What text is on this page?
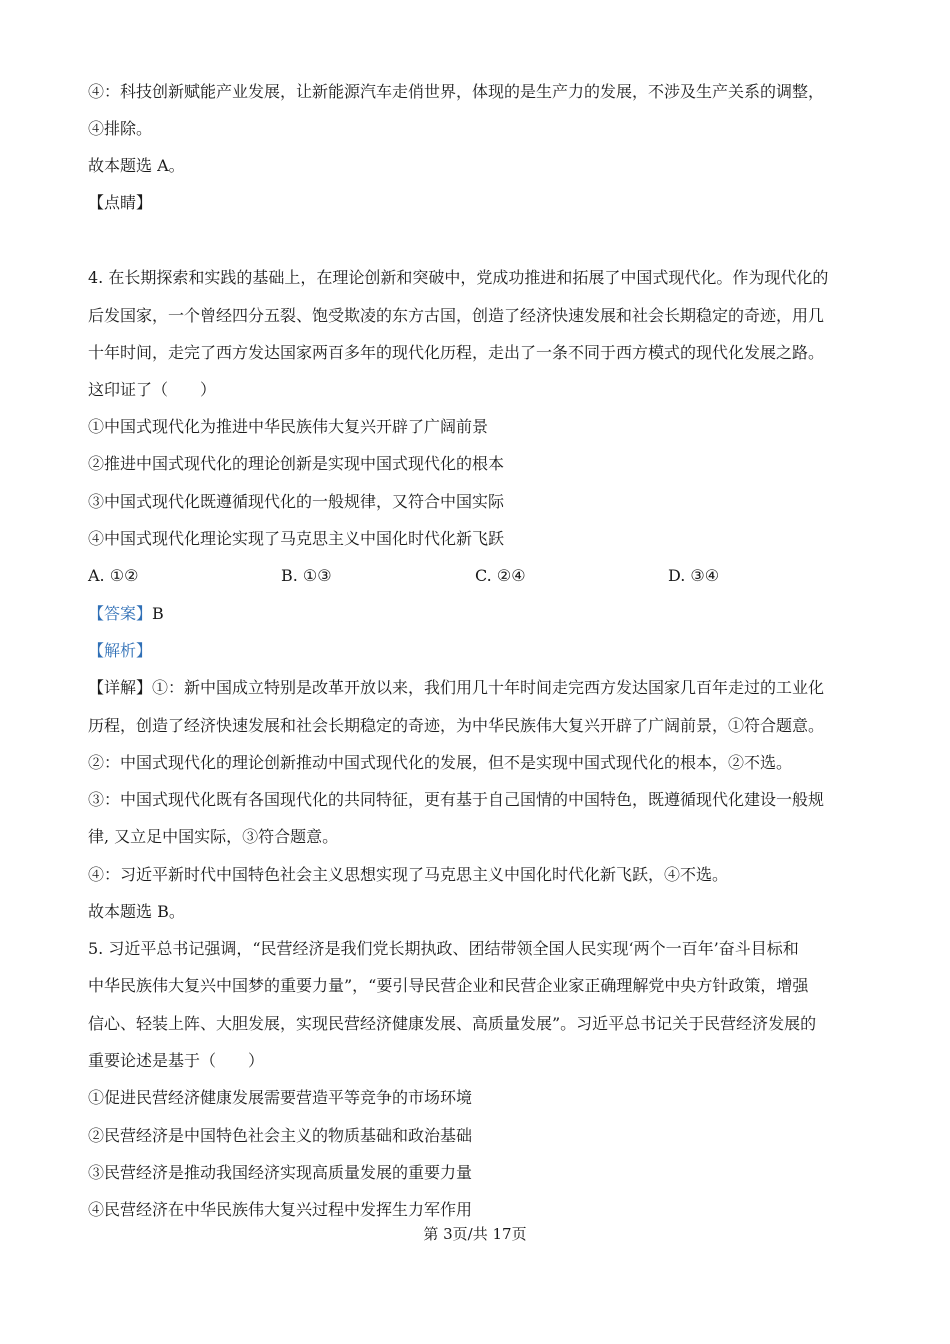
④：科技创新赋能产业发展，让新能源汽车走俏世界，体现的是生产力的发展，不涉及生产关系的调整，
④排除。
故本题选 A。
【点睛】
4. 在长期探索和实践的基础上，在理论创新和突破中，党成功推进和拓展了中国式现代化。作为现代化的
后发国家，一个曾经四分五裂、饱受欺凌的东方古国，创造了经济快速发展和社会长期稳定的奇迹，用几
十年时间，走完了西方发达国家两百多年的现代化历程，走出了一条不同于西方模式的现代化发展之路。
这印证了（　　）
①中国式现代化为推进中华民族伟大复兴开辟了广阔前景
②推进中国式现代化的理论创新是实现中国式现代化的根本
③中国式现代化既遵循现代化的一般规律，又符合中国实际
④中国式现代化理论实现了马克思主义中国化时代化新飞跃
A. ①②	B. ①③	C. ②④	D. ③④
【答案】B
【解析】
【详解】①：新中国成立特别是改革开放以来，我们用几十年时间走完西方发达国家几百年走过的工业化
历程，创造了经济快速发展和社会长期稳定的奇迹，为中华民族伟大复兴开辟了广阔前景，①符合题意。
②：中国式现代化的理论创新推动中国式现代化的发展，但不是实现中国式现代化的根本，②不选。
③：中国式现代化既有各国现代化的共同特征，更有基于自己国情的中国特色，既遵循现代化建设一般规
律, 又立足中国实际，③符合题意。
④：习近平新时代中国特色社会主义思想实现了马克思主义中国化时代化新飞跃，④不选。
故本题选 B。
5. 习近平总书记强调，“民营经济是我们党长期执政、团结带领全国人民实现‘两个一百年’奋斗目标和
中华民族伟大复兴中国梦的重要力量”，“要引导民营企业和民营企业家正确理解党中央方针政策，增强
信心、轻装上阵、大胆发展，实现民营经济健康发展、高质量发展”。习近平总书记关于民营经济发展的
重要论述是基于（　　）
①促进民营经济健康发展需要营造平等竞争的市场环境
②民营经济是中国特色社会主义的物质基础和政治基础
③民营经济是推动我国经济实现高质量发展的重要力量
④民营经济在中华民族伟大复兴过程中发挥生力军作用
第 3页/共 17页
